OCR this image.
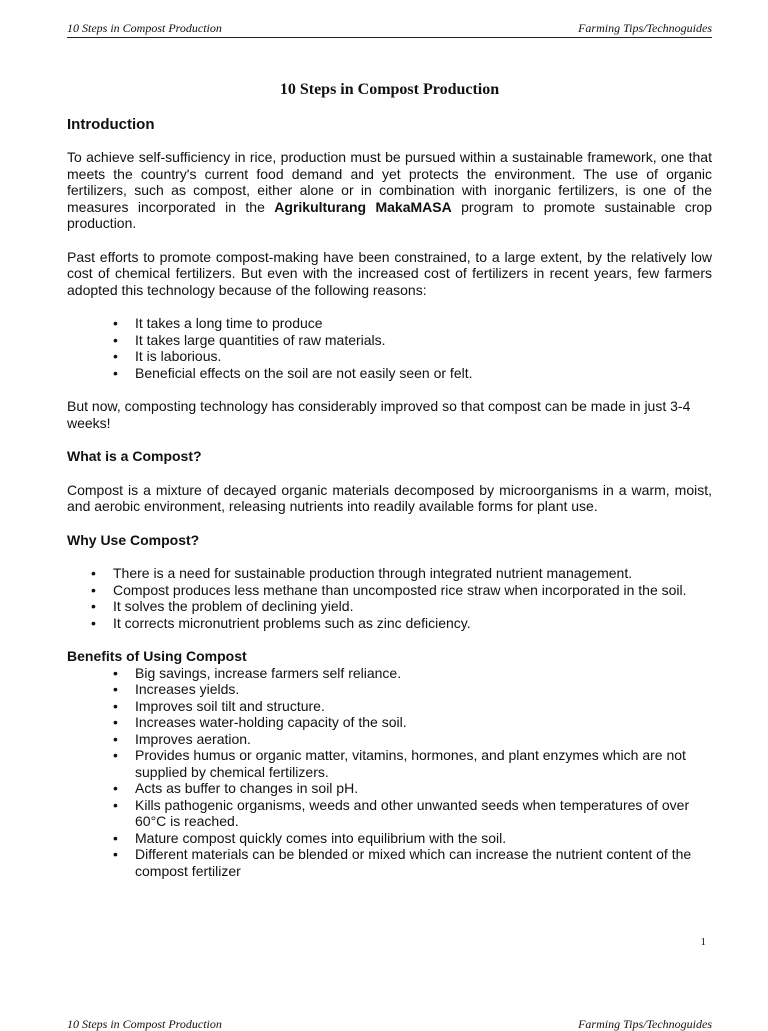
10 Steps in Compost Production	Farming Tips/Technoguides
10 Steps in Compost Production
Introduction

To achieve self-sufficiency in rice, production must be pursued within a sustainable framework, one that meets the country's current food demand and yet protects the environment. The use of organic fertilizers, such as compost, either alone or in combination with inorganic fertilizers, is one of the measures incorporated in the Agrikulturang MakaMASA program to promote sustainable crop production.

Past efforts to promote compost-making have been constrained, to a large extent, by the relatively low cost of chemical fertilizers. But even with the increased cost of fertilizers in recent years, few farmers adopted this technology because of the following reasons:

• It takes a long time to produce
• It takes large quantities of raw materials.
• It is laborious.
• Beneficial effects on the soil are not easily seen or felt.

But now, composting technology has considerably improved so that compost can be made in just 3-4 weeks!

What is a Compost?

Compost is a mixture of decayed organic materials decomposed by microorganisms in a warm, moist, and aerobic environment, releasing nutrients into readily available forms for plant use.

Why Use Compost?
• There is a need for sustainable production through integrated nutrient management.
• Compost produces less methane than uncomposted rice straw when incorporated in the soil.
• It solves the problem of declining yield.
• It corrects micronutrient problems such as zinc deficiency.
Benefits of Using Compost
• Big savings, increase farmers self reliance.
• Increases yields.
• Improves soil tilt and structure.
• Increases water-holding capacity of the soil.
• Improves aeration.
• Provides humus or organic matter, vitamins, hormones, and plant enzymes which are not supplied by chemical fertilizers.
• Acts as buffer to changes in soil pH.
• Kills pathogenic organisms, weeds and other unwanted seeds when temperatures of over 60°C is reached.
• Mature compost quickly comes into equilibrium with the soil.
• Different materials can be blended or mixed which can increase the nutrient content of the compost fertilizer
1
10 Steps in Compost Production	Farming Tips/Technoguides
